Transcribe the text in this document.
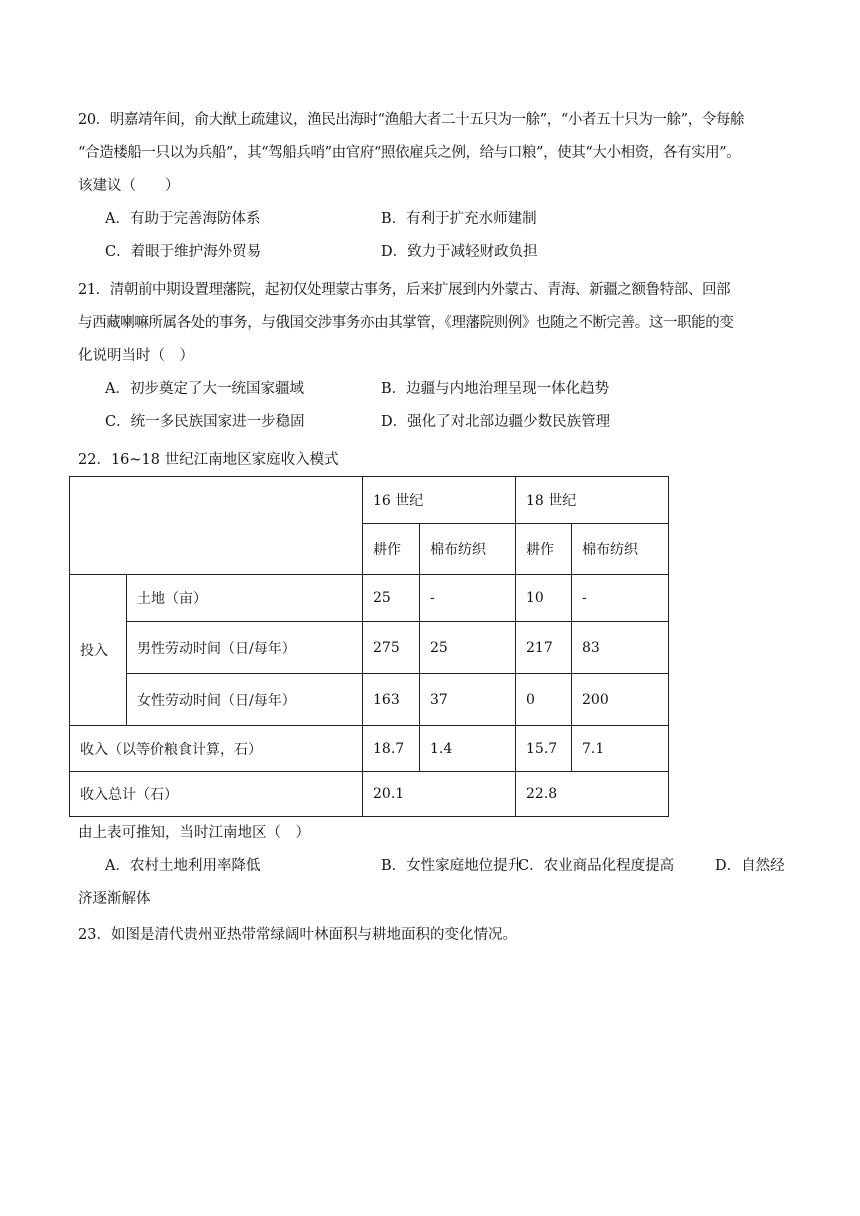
20．明嘉靖年间，俞大猷上疏建议，渔民出海时“渔船大者二十五只为一艅”，“小者五十只为一艅”，令每艅

“合造楼船一只以为兵船”，其“驾船兵哨”由官府“照依雇兵之例，给与口粮”，使其“大小相资，各有实用”。

该建议（　　）

A．有助于完善海防体系	B．有利于扩充水师建制
C．着眼于维护海外贸易	D．致力于减轻财政负担

21．清朝前中期设置理藩院，起初仅处理蒙古事务，后来扩展到内外蒙古、青海、新疆之额鲁特部、回部

与西藏喇嘛所属各处的事务，与俄国交涉事务亦由其掌管，《理藩院则例》也随之不断完善。这一职能的变

化说明当时（　）

A．初步奠定了大一统国家疆域	B．边疆与内地治理呈现一体化趋势
C．统一多民族国家进一步稳固	D．强化了对北部边疆少数民族管理

22．16~18 世纪江南地区家庭收入模式

		16 世纪		18 世纪	
		耕作	棉布纺织	耕作	棉布纺织
投入	土地（亩）	25	-	10	-
	男性劳动时间（日/每年）	275	25	217	83
	女性劳动时间（日/每年）	163	37	0	200
收入（以等价粮食计算，石）		18.7	1.4	15.7	7.1
收入总计（石）		20.1		22.8	

由上表可推知，当时江南地区（　）

A．农村土地利用率降低	B．女性家庭地位提升
C．农业商品化程度提高	D．自然经

济逐渐解体

23．如图是清代贵州亚热带常绿阔叶林面积与耕地面积的变化情况。
